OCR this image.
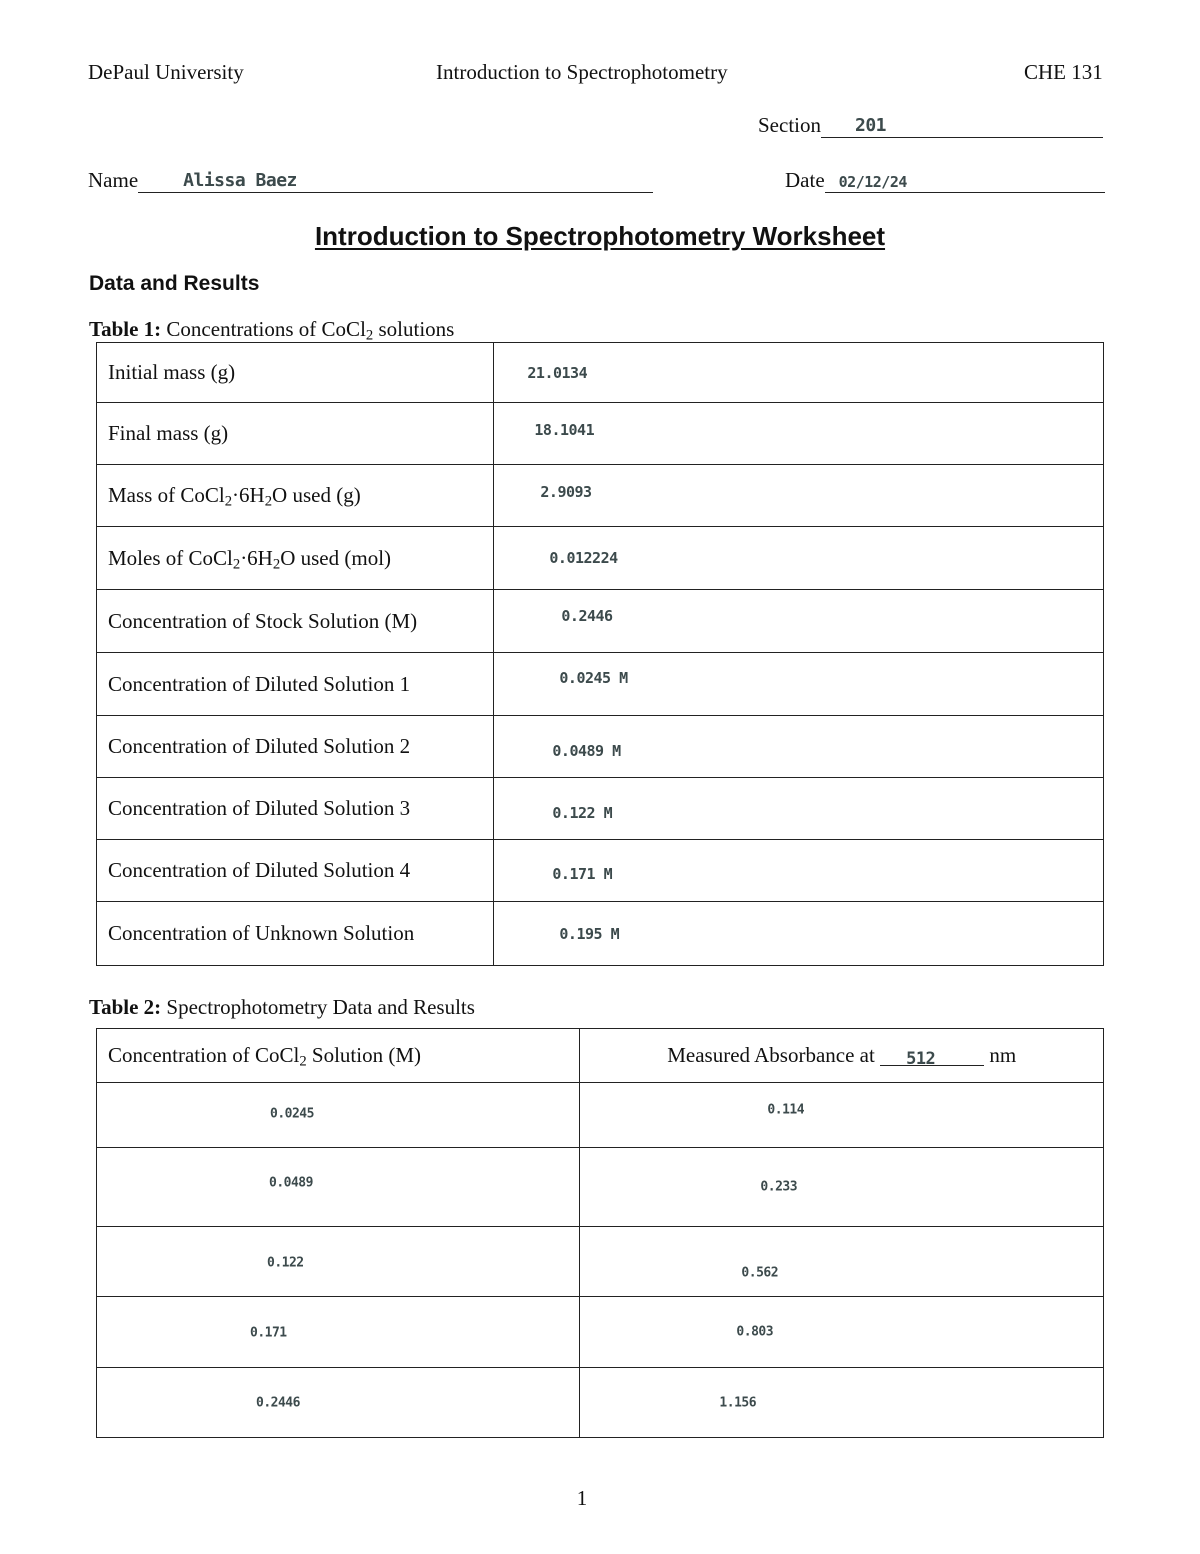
DePaul University	Introduction to Spectrophotometry	CHE 131
Section 201
Name	Alissa Baez	Date 02/12/24
Introduction to Spectrophotometry Worksheet
Data and Results
Table 1: Concentrations of CoCl$_2$ solutions
Initial mass (g)	21.0134

Final mass (g)	18.1041

Mass of $CoCl_2\cdot 6H_2O$ used (g)	2.9093

Moles of $CoCl_2\cdot 6H_2O$ used (mol)	0.012224

Concentration of Stock Solution (M)	0.2446

Concentration of Diluted Solution 1	0.0245 M

Concentration of Diluted Solution 2	0.0489 M

Concentration of Diluted Solution 3	0.122 M

Concentration of Diluted Solution 4	0.171 M

Concentration of Unknown Solution	0.195 M
Table 2: Spectrophotometry Data and Results
Concentration of CoCl$_2$ Solution (M)	Measured Absorbance at 512 nm

0.0245	0.114

0.0489	0.233

0.122	0.562

0.171	0.803

0.2446	1.156
1
